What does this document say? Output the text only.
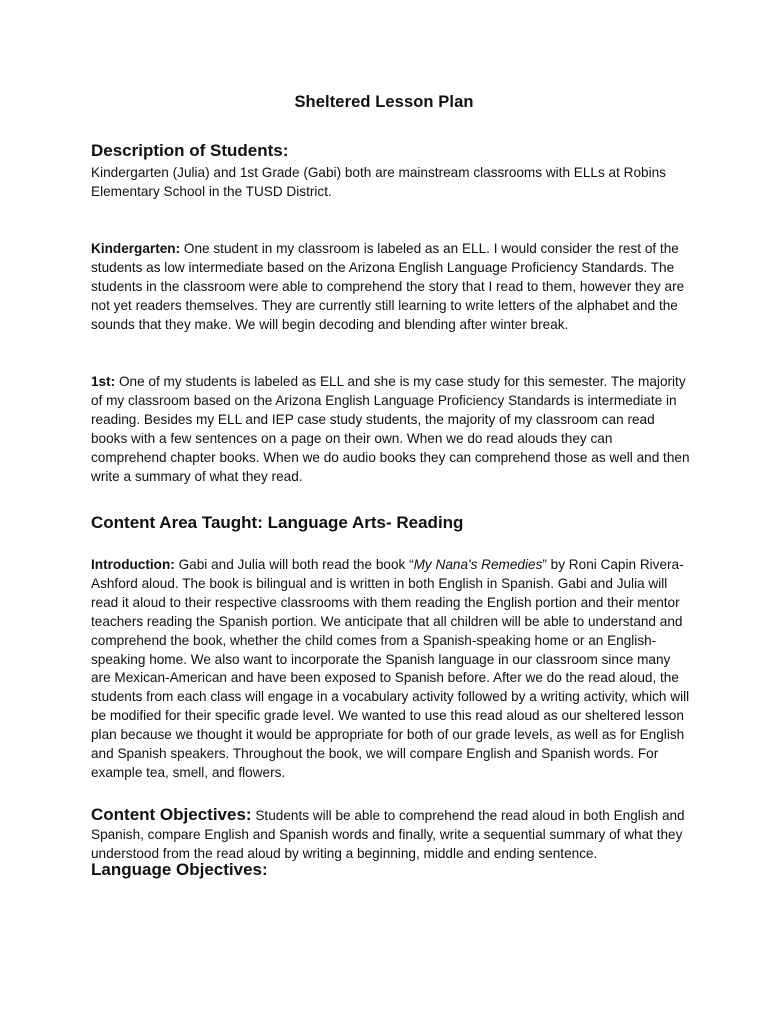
Sheltered Lesson Plan
Description of Students:
Kindergarten (Julia) and 1st Grade (Gabi) both are mainstream classrooms with ELLs at Robins Elementary School in the TUSD District.
Kindergarten: One student in my classroom is labeled as an ELL. I would consider the rest of the students as low intermediate based on the Arizona English Language Proficiency Standards. The students in the classroom were able to comprehend the story that I read to them, however they are not yet readers themselves. They are currently still learning to write letters of the alphabet and the sounds that they make. We will begin decoding and blending after winter break.
1st: One of my students is labeled as ELL and she is my case study for this semester. The majority of my classroom based on the Arizona English Language Proficiency Standards is intermediate in reading. Besides my ELL and IEP case study students, the majority of my classroom can read books with a few sentences on a page on their own. When we do read alouds they can comprehend chapter books. When we do audio books they can comprehend those as well and then write a summary of what they read.
Content Area Taught: Language Arts- Reading
Introduction: Gabi and Julia will both read the book “My Nana's Remedies” by Roni Capin Rivera-Ashford aloud. The book is bilingual and is written in both English in Spanish. Gabi and Julia will read it aloud to their respective classrooms with them reading the English portion and their mentor teachers reading the Spanish portion. We anticipate that all children will be able to understand and comprehend the book, whether the child comes from a Spanish-speaking home or an English-speaking home. We also want to incorporate the Spanish language in our classroom since many are Mexican-American and have been exposed to Spanish before. After we do the read aloud, the students from each class will engage in a vocabulary activity followed by a writing activity, which will be modified for their specific grade level. We wanted to use this read aloud as our sheltered lesson plan because we thought it would be appropriate for both of our grade levels, as well as for English and Spanish speakers. Throughout the book, we will compare English and Spanish words. For example tea, smell, and flowers.
Content Objectives: Students will be able to comprehend the read aloud in both English and Spanish, compare English and Spanish words and finally, write a sequential summary of what they understood from the read aloud by writing a beginning, middle and ending sentence.
Language Objectives:
